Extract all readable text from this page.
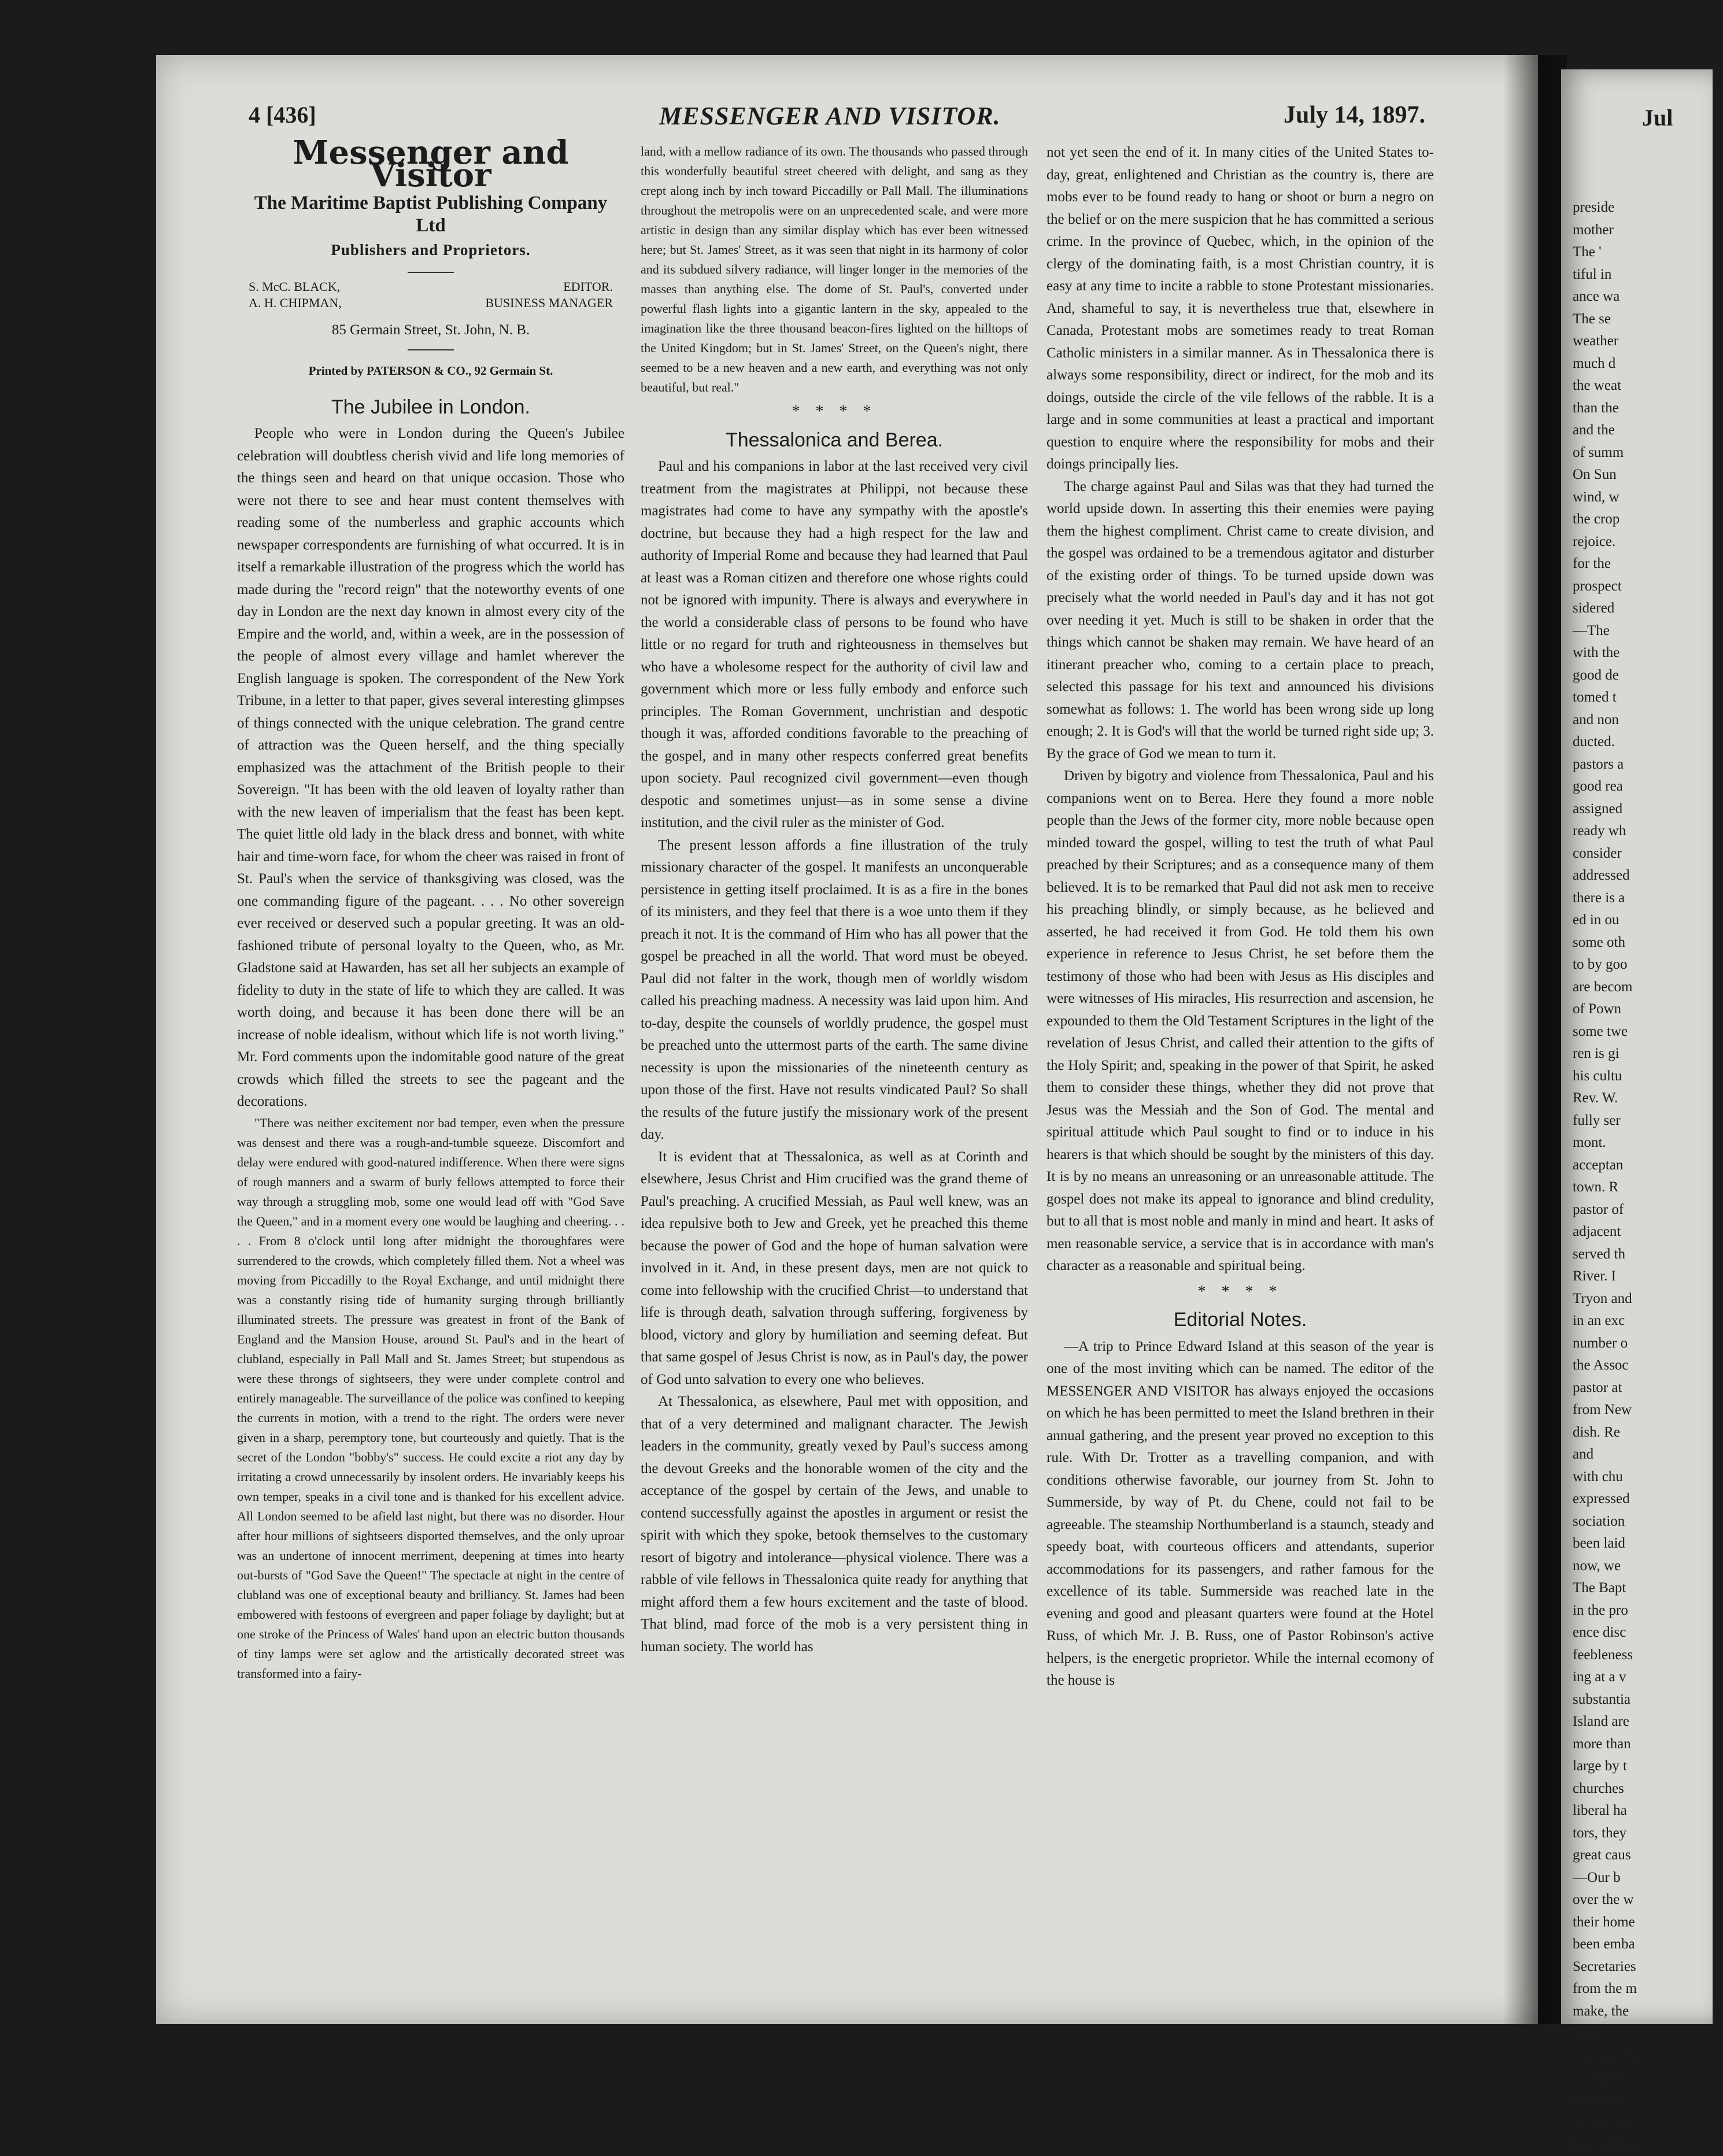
4 [436]	MESSENGER AND VISITOR.	July 14, 1897.
Messenger and Visitor
The Maritime Baptist Publishing Company Ltd
Publishers and Proprietors.
S. McC. BLACK,	EDITOR.
A. H. CHIPMAN,	BUSINESS MANAGER
85 Germain Street, St. John, N. B.
Printed by PATERSON & CO., 92 Germain St.
The Jubilee in London.

People who were in London during the Queen's Jubilee celebration will doubtless cherish vivid and life long memories of the things seen and heard on that unique occasion. Those who were not there to see and hear must content themselves with reading some of the numberless and graphic accounts which newspaper correspondents are furnishing of what occurred. It is in itself a remarkable illustration of the progress which the world has made during the "record reign" that the noteworthy events of one day in London are the next day known in almost every city of the Empire and the world, and, within a week, are in the possession of the people of almost every village and hamlet wherever the English language is spoken. The correspondent of the New York Tribune, in a letter to that paper, gives several interesting glimpses of things connected with the unique celebration. The grand centre of attraction was the Queen herself, and the thing specially emphasized was the attachment of the British people to their Sovereign. "It has been with the old leaven of loyalty rather than with the new leaven of imperialism that the feast has been kept. The quiet little old lady in the black dress and bonnet, with white hair and time-worn face, for whom the cheer was raised in front of St. Paul's when the service of thanksgiving was closed, was the one commanding figure of the pageant. . . . No other sovereign ever received or deserved such a popular greeting. It was an old-fashioned tribute of personal loyalty to the Queen, who, as Mr. Gladstone said at Hawarden, has set all her subjects an example of fidelity to duty in the state of life to which they are called. It was worth doing, and because it has been done there will be an increase of noble idealism, without which life is not worth living." Mr. Ford comments upon the indomitable good nature of the great crowds which filled the streets to see the pageant and the decorations.

"There was neither excitement nor bad temper, even when the pressure was densest and there was a rough-and-tumble squeeze. Discomfort and delay were endured with good-natured indifference. When there were signs of rough manners and a swarm of burly fellows attempted to force their way through a struggling mob, some one would lead off with "God Save the Queen," and in a moment every one would be laughing and cheering. . . . . From 8 o'clock until long after midnight the thoroughfares were surrendered to the crowds, which completely filled them. Not a wheel was moving from Piccadilly to the Royal Exchange, and until midnight there was a constantly rising tide of humanity surging through brilliantly illuminated streets. The pressure was greatest in front of the Bank of England and the Mansion House, around St. Paul's and in the heart of clubland, especially in Pall Mall and St. James Street; but stupendous as were these throngs of sightseers, they were under complete control and entirely manageable. The surveillance of the police was confined to keeping the currents in motion, with a trend to the right. The orders were never given in a sharp, peremptory tone, but courteously and quietly. That is the secret of the London "bobby's" success. He could excite a riot any day by irritating a crowd unnecessarily by insolent orders. He invariably keeps his own temper, speaks in a civil tone and is thanked for his excellent advice. All London seemed to be afield last night, but there was no disorder. Hour after hour millions of sightseers disported themselves, and the only uproar was an undertone of innocent merriment, deepening at times into hearty out-bursts of "God Save the Queen!" The spectacle at night in the centre of clubland was one of exceptional beauty and brilliancy. St. James had been embowered with festoons of evergreen and paper foliage by daylight; but at one stroke of the Princess of Wales' hand upon an electric button thousands of tiny lamps were set aglow and the artistically decorated street was transformed into a fairy-

land, with a mellow radiance of its own. The thousands who passed through this wonderfully beautiful street cheered with delight, and sang as they crept along inch by inch toward Piccadilly or Pall Mall. The illuminations throughout the metropolis were on an unprecedented scale, and were more artistic in design than any similar display which has ever been witnessed here; but St. James' Street, as it was seen that night in its harmony of color and its subdued silvery radiance, will linger longer in the memories of the masses than anything else. The dome of St. Paul's, converted under powerful flash lights into a gigantic lantern in the sky, appealed to the imagination like the three thousand beacon-fires lighted on the hilltops of the United Kingdom; but in St. James' Street, on the Queen's night, there seemed to be a new heaven and a new earth, and everything was not only beautiful, but real."

* * * *
Thessalonica and Berea.

Paul and his companions in labor at the last received very civil treatment from the magistrates at Philippi, not because these magistrates had come to have any sympathy with the apostle's doctrine, but because they had a high respect for the law and authority of Imperial Rome and because they had learned that Paul at least was a Roman citizen and therefore one whose rights could not be ignored with impunity. There is always and everywhere in the world a considerable class of persons to be found who have little or no regard for truth and righteousness in themselves but who have a wholesome respect for the authority of civil law and government which more or less fully embody and enforce such principles. The Roman Government, unchristian and despotic though it was, afforded conditions favorable to the preaching of the gospel, and in many other respects conferred great benefits upon society. Paul recognized civil government—even though despotic and sometimes unjust—as in some sense a divine institution, and the civil ruler as the minister of God.

The present lesson affords a fine illustration of the truly missionary character of the gospel. It manifests an unconquerable persistence in getting itself proclaimed. It is as a fire in the bones of its ministers, and they feel that there is a woe unto them if they preach it not. It is the command of Him who has all power that the gospel be preached in all the world. That word must be obeyed. Paul did not falter in the work, though men of worldly wisdom called his preaching madness. A necessity was laid upon him. And to-day, despite the counsels of worldly prudence, the gospel must be preached unto the uttermost parts of the earth. The same divine necessity is upon the missionaries of the nineteenth century as upon those of the first. Have not results vindicated Paul? So shall the results of the future justify the missionary work of the present day.

It is evident that at Thessalonica, as well as at Corinth and elsewhere, Jesus Christ and Him crucified was the grand theme of Paul's preaching. A crucified Messiah, as Paul well knew, was an idea repulsive both to Jew and Greek, yet he preached this theme because the power of God and the hope of human salvation were involved in it. And, in these present days, men are not quick to come into fellowship with the crucified Christ—to understand that life is through death, salvation through suffering, forgiveness by blood, victory and glory by humiliation and seeming defeat. But that same gospel of Jesus Christ is now, as in Paul's day, the power of God unto salvation to every one who believes.

At Thessalonica, as elsewhere, Paul met with opposition, and that of a very determined and malignant character. The Jewish leaders in the community, greatly vexed by Paul's success among the devout Greeks and the honorable women of the city and the acceptance of the gospel by certain of the Jews, and unable to contend successfully against the apostles in argument or resist the spirit with which they spoke, betook themselves to the customary resort of bigotry and intolerance—physical violence. There was a rabble of vile fellows in Thessalonica quite ready for anything that might afford them a few hours excitement and the taste of blood. That blind, mad force of the mob is a very persistent thing in human society. The world has

not yet seen the end of it. In many cities of the United States to-day, great, enlightened and Christian as the country is, there are mobs ever to be found ready to hang or shoot or burn a negro on the belief or on the mere suspicion that he has committed a serious crime. In the province of Quebec, which, in the opinion of the clergy of the dominating faith, is a most Christian country, it is easy at any time to incite a rabble to stone Protestant missionaries. And, shameful to say, it is nevertheless true that, elsewhere in Canada, Protestant mobs are sometimes ready to treat Roman Catholic ministers in a similar manner. As in Thessalonica there is always some responsibility, direct or indirect, for the mob and its doings, outside the circle of the vile fellows of the rabble. It is a large and in some communities at least a practical and important question to enquire where the responsibility for mobs and their doings principally lies.

The charge against Paul and Silas was that they had turned the world upside down. In asserting this their enemies were paying them the highest compliment. Christ came to create division, and the gospel was ordained to be a tremendous agitator and disturber of the existing order of things. To be turned upside down was precisely what the world needed in Paul's day and it has not got over needing it yet. Much is still to be shaken in order that the things which cannot be shaken may remain. We have heard of an itinerant preacher who, coming to a certain place to preach, selected this passage for his text and announced his divisions somewhat as follows: 1. The world has been wrong side up long enough; 2. It is God's will that the world be turned right side up; 3. By the grace of God we mean to turn it.

Driven by bigotry and violence from Thessalonica, Paul and his companions went on to Berea. Here they found a more noble people than the Jews of the former city, more noble because open minded toward the gospel, willing to test the truth of what Paul preached by their Scriptures; and as a consequence many of them believed. It is to be remarked that Paul did not ask men to receive his preaching blindly, or simply because, as he believed and asserted, he had received it from God. He told them his own experience in reference to Jesus Christ, he set before them the testimony of those who had been with Jesus as His disciples and were witnesses of His miracles, His resurrection and ascension, he expounded to them the Old Testament Scriptures in the light of the revelation of Jesus Christ, and called their attention to the gifts of the Holy Spirit; and, speaking in the power of that Spirit, he asked them to consider these things, whether they did not prove that Jesus was the Messiah and the Son of God. The mental and spiritual attitude which Paul sought to find or to induce in his hearers is that which should be sought by the ministers of this day. It is by no means an unreasoning or an unreasonable attitude. The gospel does not make its appeal to ignorance and blind credulity, but to all that is most noble and manly in mind and heart. It asks of men reasonable service, a service that is in accordance with man's character as a reasonable and spiritual being.

* * * *
Editorial Notes.

—A trip to Prince Edward Island at this season of the year is one of the most inviting which can be named. The editor of the MESSENGER AND VISITOR has always enjoyed the occasions on which he has been permitted to meet the Island brethren in their annual gathering, and the present year proved no exception to this rule. With Dr. Trotter as a travelling companion, and with conditions otherwise favorable, our journey from St. John to Summerside, by way of Pt. du Chene, could not fail to be agreeable. The steamship Northumberland is a staunch, steady and speedy boat, with courteous officers and attendants, superior accommodations for its passengers, and rather famous for the excellence of its table. Summerside was reached late in the evening and good and pleasant quarters were found at the Hotel Russ, of which Mr. J. B. Russ, one of Pastor Robinson's active helpers, is the energetic proprietor. While the internal ecomony of the house is

Jul
preside
mother
The '
tiful in
ance wa
The se
weather
much d
the weat
than the
and the
of summ
On Sun
wind, w
the crop
rejoice.
for the
prospect
sidered
—The
with the
good de
tomed t
and non
ducted.
pastors a
good rea
assigned
ready wh
consider
addressed
there is a
ed in ou
some oth
to by goo
are becom
of Pown
some twe
ren is gi
his cultu
Rev. W.
fully ser
mont.
acceptan
town. R
pastor of
adjacent
served th
River. I
Tryon and
in an exc
number o
the Assoc
pastor at
from New
dish. Re
and
with chu
expressed
sociation
been laid
now, we
The Bapt
in the pro
ence disc
feebleness
ing at a v
substantia
Island are
more than
large by t
churches
liberal ha
tors, they
great caus
—Our b
over the w
their home
been emba
Secretaries
from the m
make, the
—were "
debts of the
the Americ
estimated
Of this am
Rockefeller
